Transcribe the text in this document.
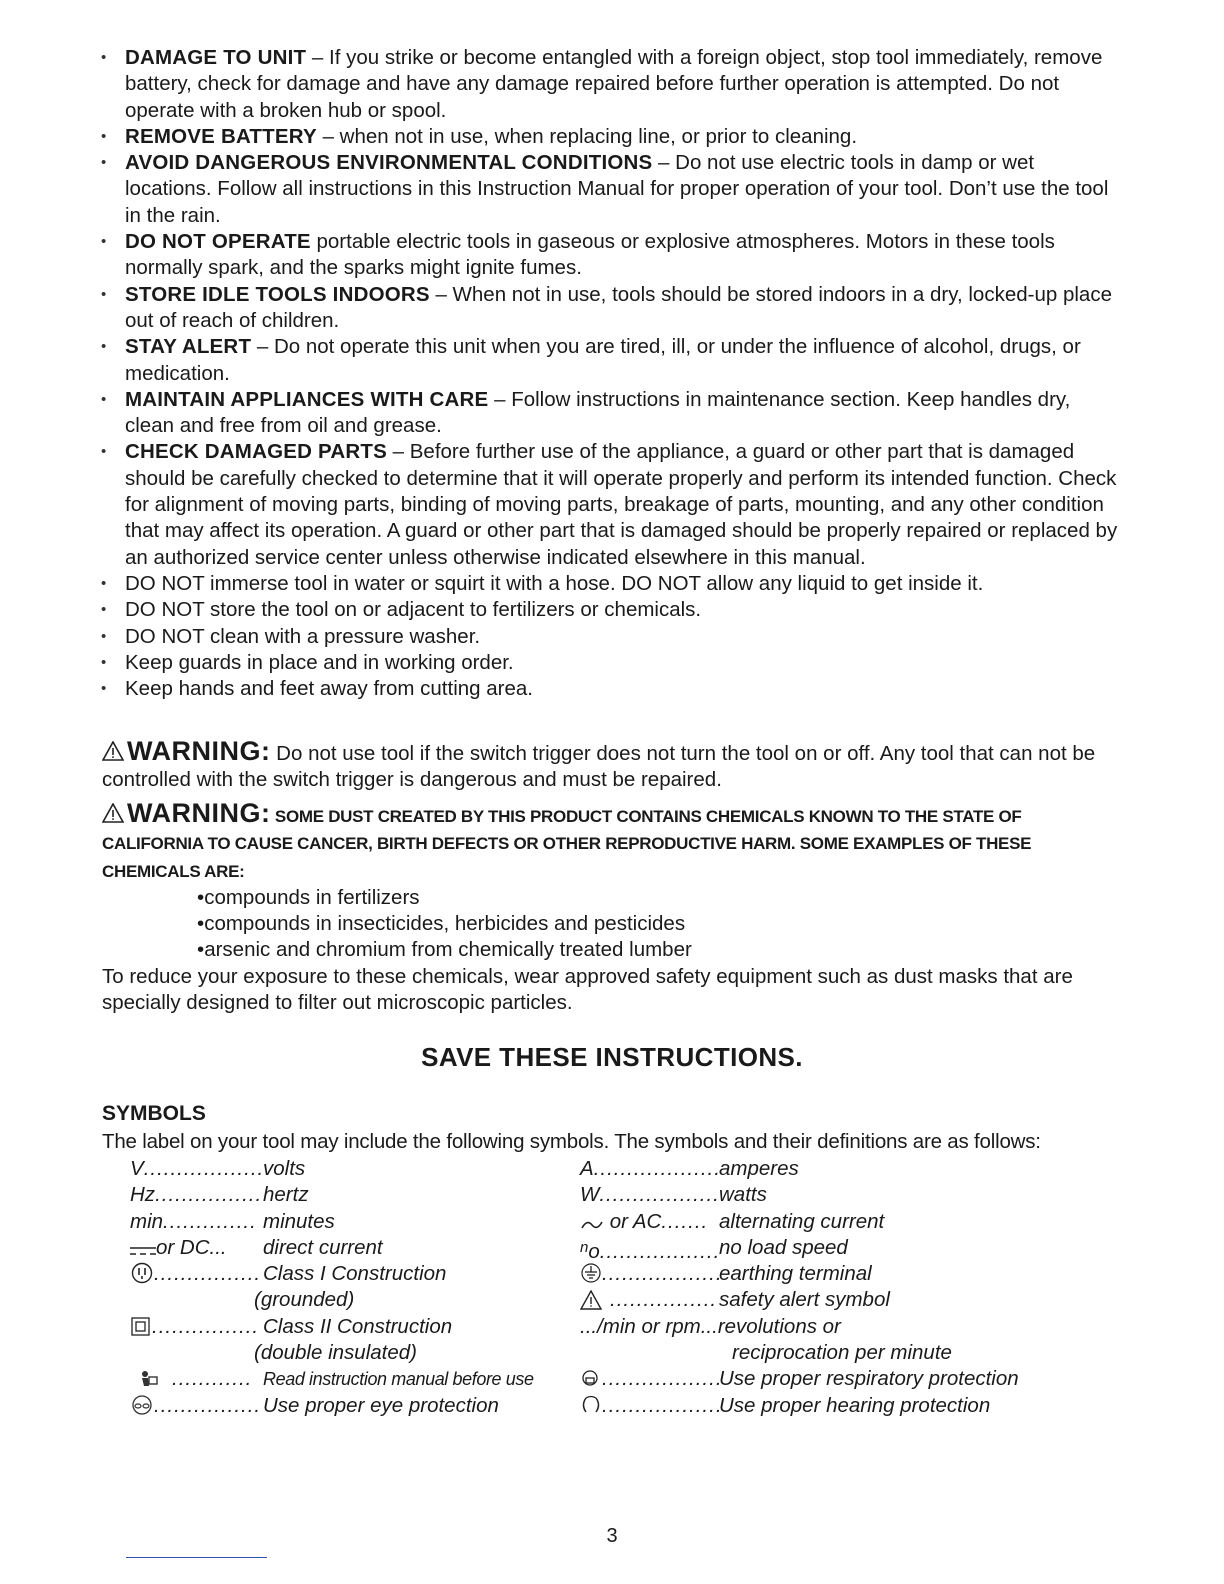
• DAMAGE TO UNIT – If you strike or become entangled with a foreign object, stop tool immediately, remove battery, check for damage and have any damage repaired before further operation is attempted. Do not operate with a broken hub or spool.
• REMOVE BATTERY – when not in use, when replacing line, or prior to cleaning.
• AVOID DANGEROUS ENVIRONMENTAL CONDITIONS – Do not use electric tools in damp or wet locations. Follow all instructions in this Instruction Manual for proper operation of your tool. Don’t use the tool in the rain.
• DO NOT OPERATE portable electric tools in gaseous or explosive atmospheres. Motors in these tools normally spark, and the sparks might ignite fumes.
• STORE IDLE TOOLS INDOORS – When not in use, tools should be stored indoors in a dry, locked-up place out of reach of children.
• STAY ALERT – Do not operate this unit when you are tired, ill, or under the influence of alcohol, drugs, or medication.
• MAINTAIN APPLIANCES WITH CARE – Follow instructions in maintenance section. Keep handles dry, clean and free from oil and grease.
• CHECK DAMAGED PARTS – Before further use of the appliance, a guard or other part that is damaged should be carefully checked to determine that it will operate properly and perform its intended function. Check for alignment of moving parts, binding of moving parts, breakage of parts, mounting, and any other condition that may affect its operation. A guard or other part that is damaged should be properly repaired or replaced by an authorized service center unless otherwise indicated elsewhere in this manual.
• DO NOT immerse tool in water or squirt it with a hose. DO NOT allow any liquid to get inside it.
• DO NOT store the tool on or adjacent to fertilizers or chemicals.
• DO NOT clean with a pressure washer.
• Keep guards in place and in working order.
• Keep hands and feet away from cutting area.
WARNING: Do not use tool if the switch trigger does not turn the tool on or off. Any tool that can not be controlled with the switch trigger is dangerous and must be repaired.
WARNING: SOME DUST CREATED BY THIS PRODUCT CONTAINS CHEMICALS KNOWN TO THE STATE OF CALIFORNIA TO CAUSE CANCER, BIRTH DEFECTS OR OTHER REPRODUCTIVE HARM. SOME EXAMPLES OF THESE CHEMICALS ARE:
• compounds in fertilizers
• compounds in insecticides, herbicides and pesticides
• arsenic and chromium from chemically treated lumber
To reduce your exposure to these chemicals, wear approved safety equipment such as dust masks that are specially designed to filter out microscopic particles.
SAVE THESE INSTRUCTIONS.
SYMBOLS
The label on your tool may include the following symbols. The symbols and their definitions are as follows:
V..................
volts
Hz................ hertz
min.............. minutes
or DC... direct current
................ Class I Construction
(grounded)
................ Class II Construction
(double insulated)
............ Read instruction manual before use
................ Use proper eye protection
A...................
amperes
W.................. watts
or AC....... alternating current
$^n$o..................
no load speed
..................
earthing terminal
................ safety alert symbol
.../min or rpm...revolutions or
reciprocation per minute
..................
Use proper respiratory protection
..................
Use proper hearing protection
3
